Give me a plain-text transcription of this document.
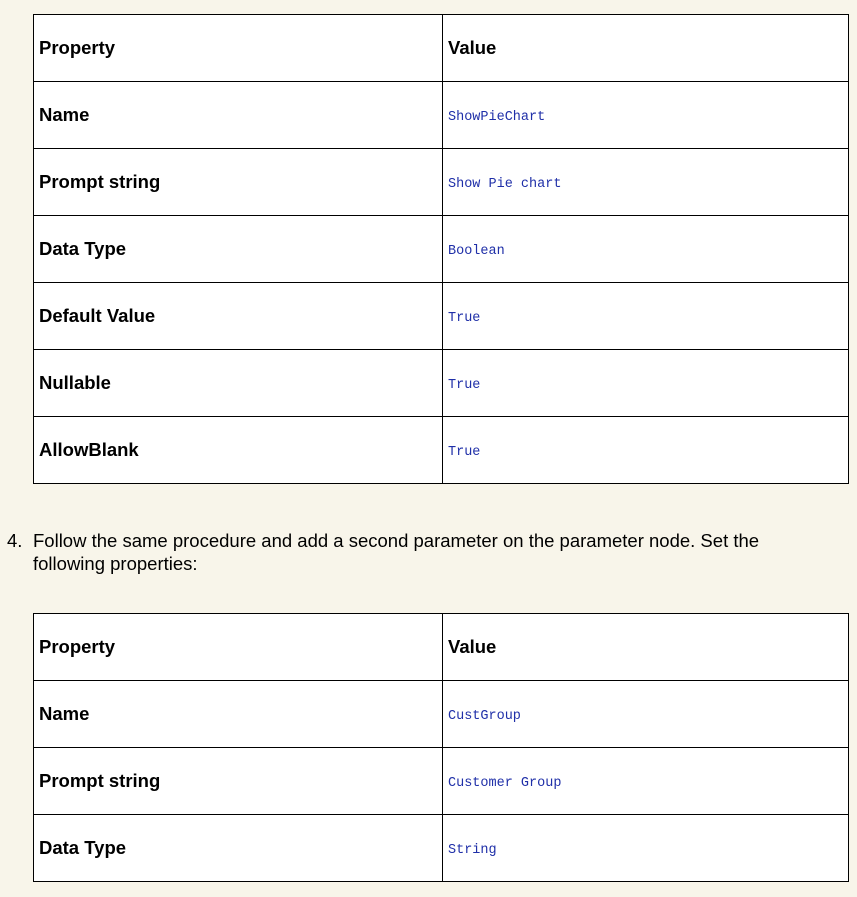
Property	Value
Name	ShowPieChart
Prompt string	Show Pie chart
Data Type	Boolean
Default Value	True
Nullable	True
AllowBlank	True
4. Follow the same procedure and add a second parameter on the parameter node. Set the following properties:
Property	Value
Name	CustGroup
Prompt string	Customer Group
Data Type	String
